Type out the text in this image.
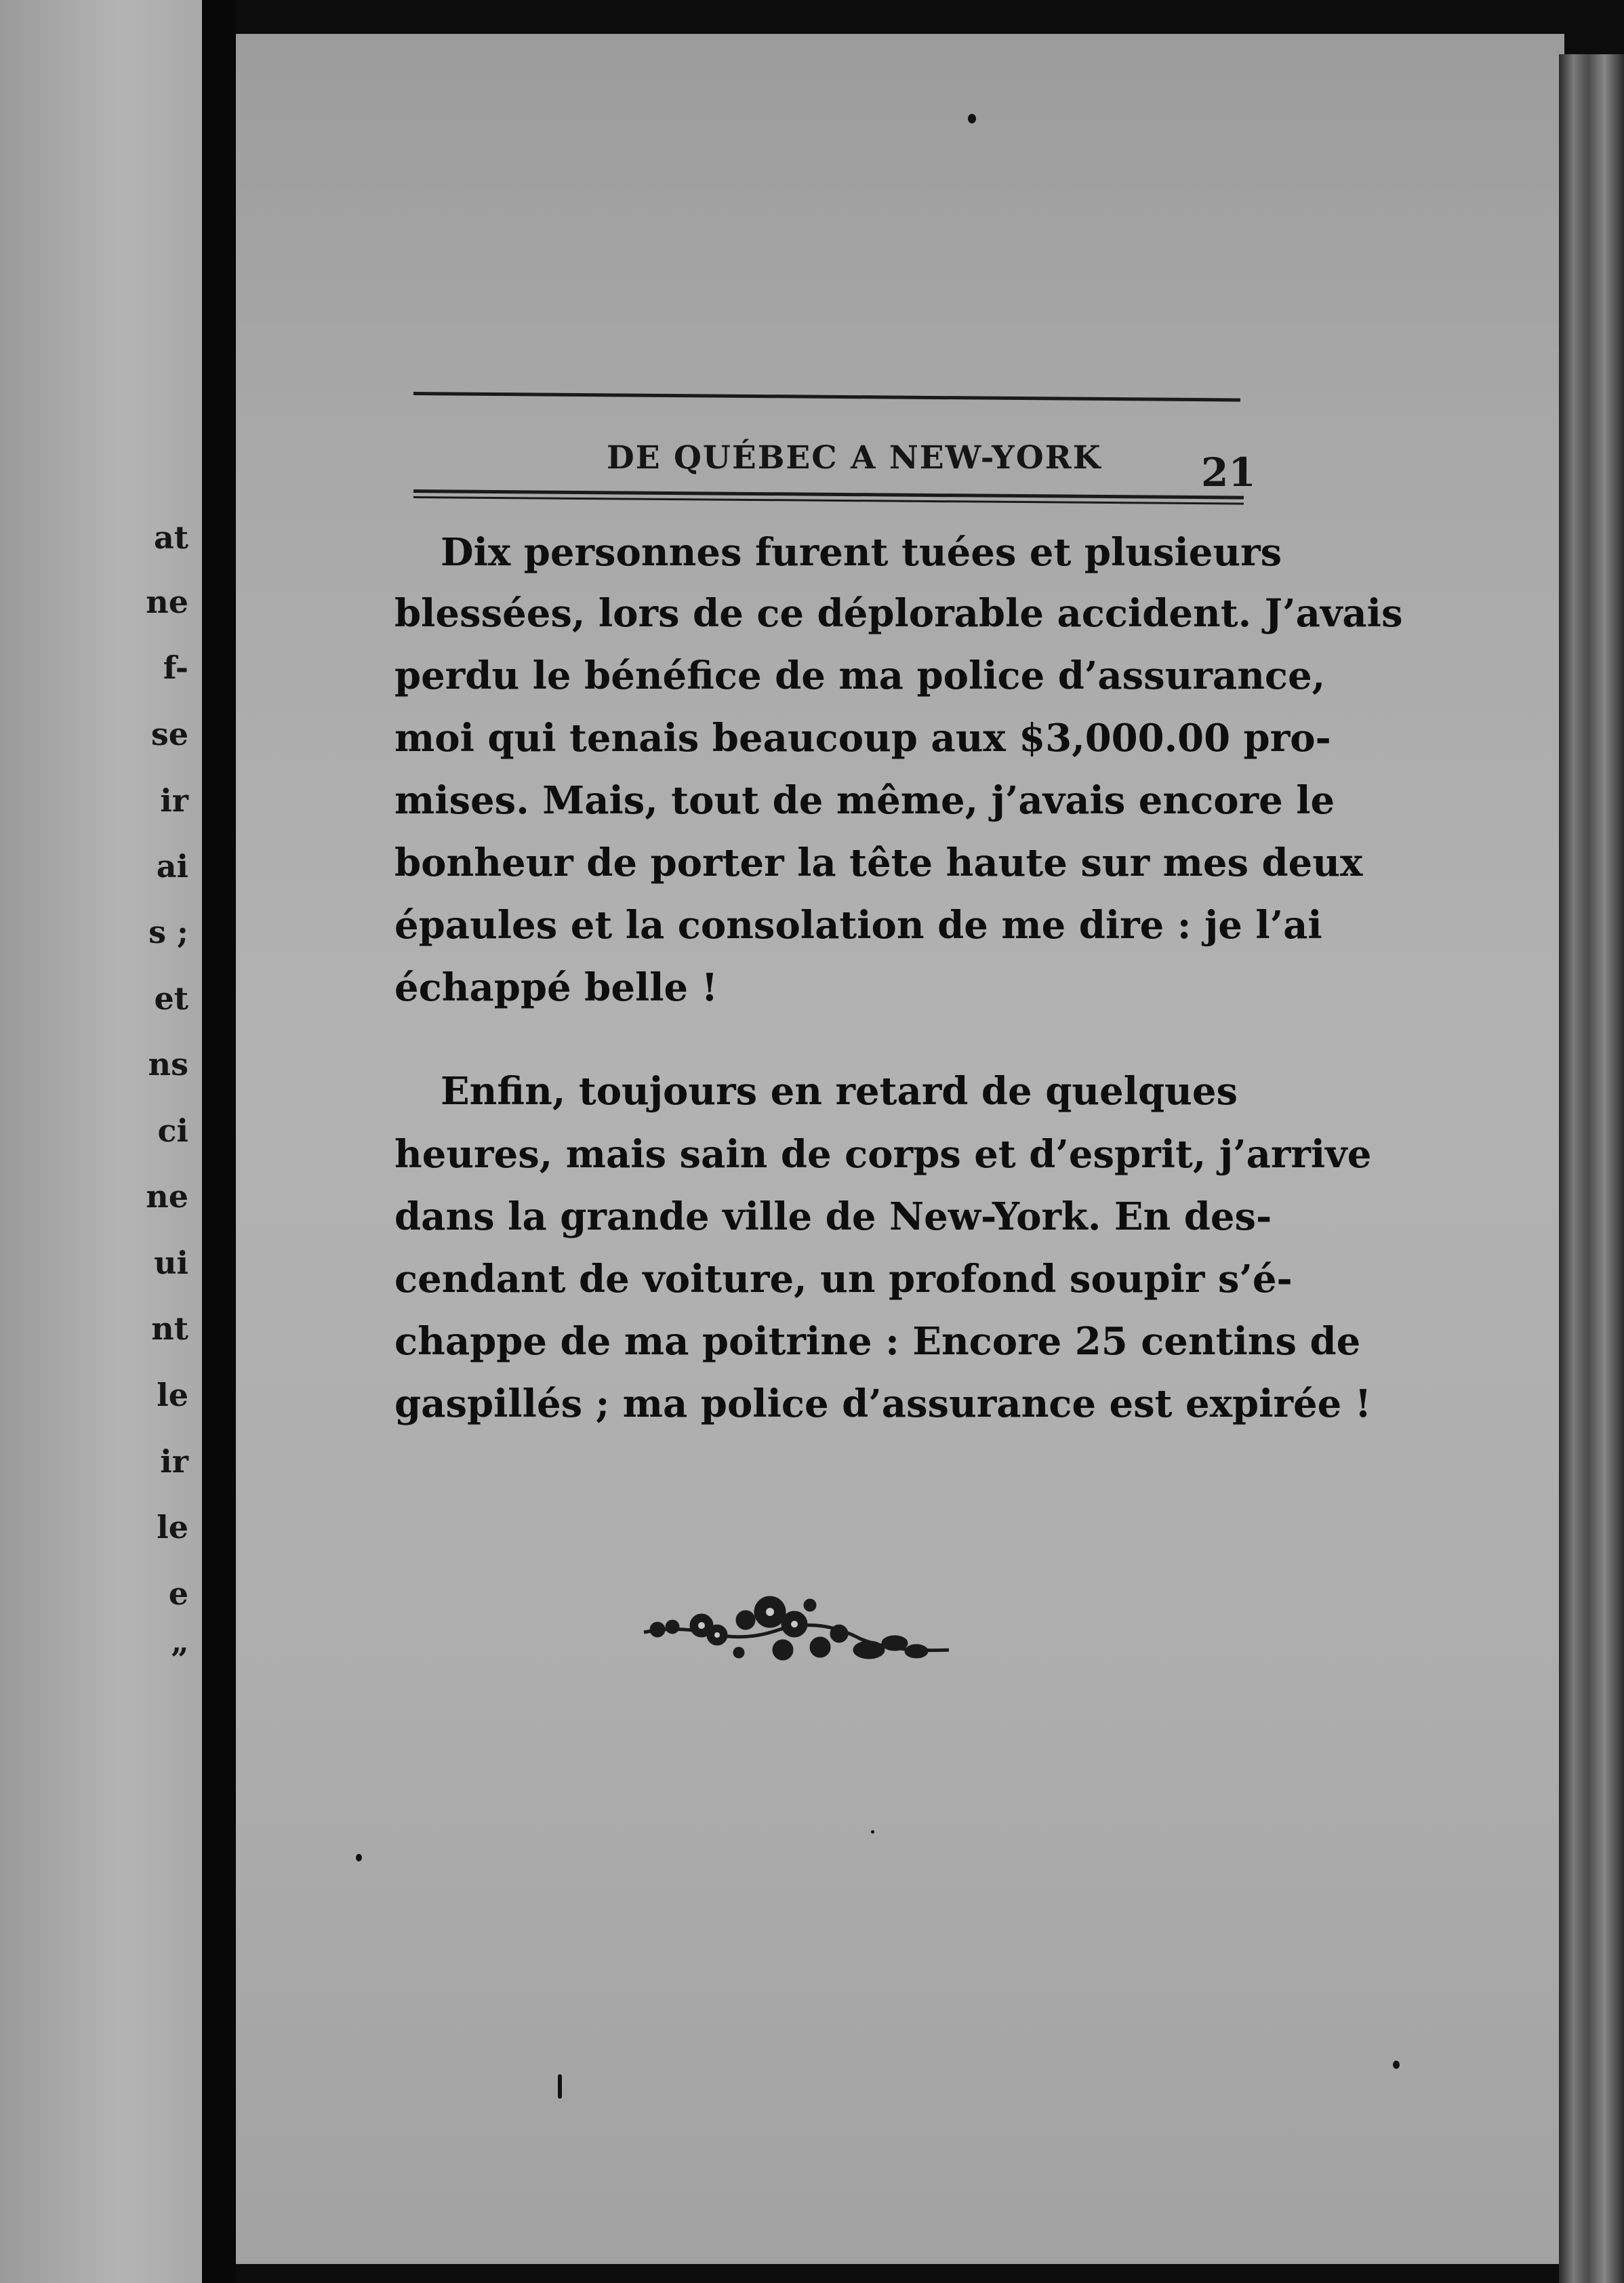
at
ne
f-
se
ir
ai
s ;
et
ns
ci
ne
ui
nt
le
ir
le
e
”
DE QUÉBEC A NEW-YORK	21
Dix personnes furent tuées et plusieurs
blessées, lors de ce déplorable accident. J’avais
perdu le bénéfice de ma police d’assurance,
moi qui tenais beaucoup aux $3,000.00 pro-
mises. Mais, tout de même, j’avais encore le
bonheur de porter la tête haute sur mes deux
épaules et la consolation de me dire : je l’ai
échappé belle !
Enfin, toujours en retard de quelques
heures, mais sain de corps et d’esprit, j’arrive
dans la grande ville de New-York. En des-
cendant de voiture, un profond soupir s’é-
chappe de ma poitrine : Encore 25 centins de
gaspillés ; ma police d’assurance est expirée !
